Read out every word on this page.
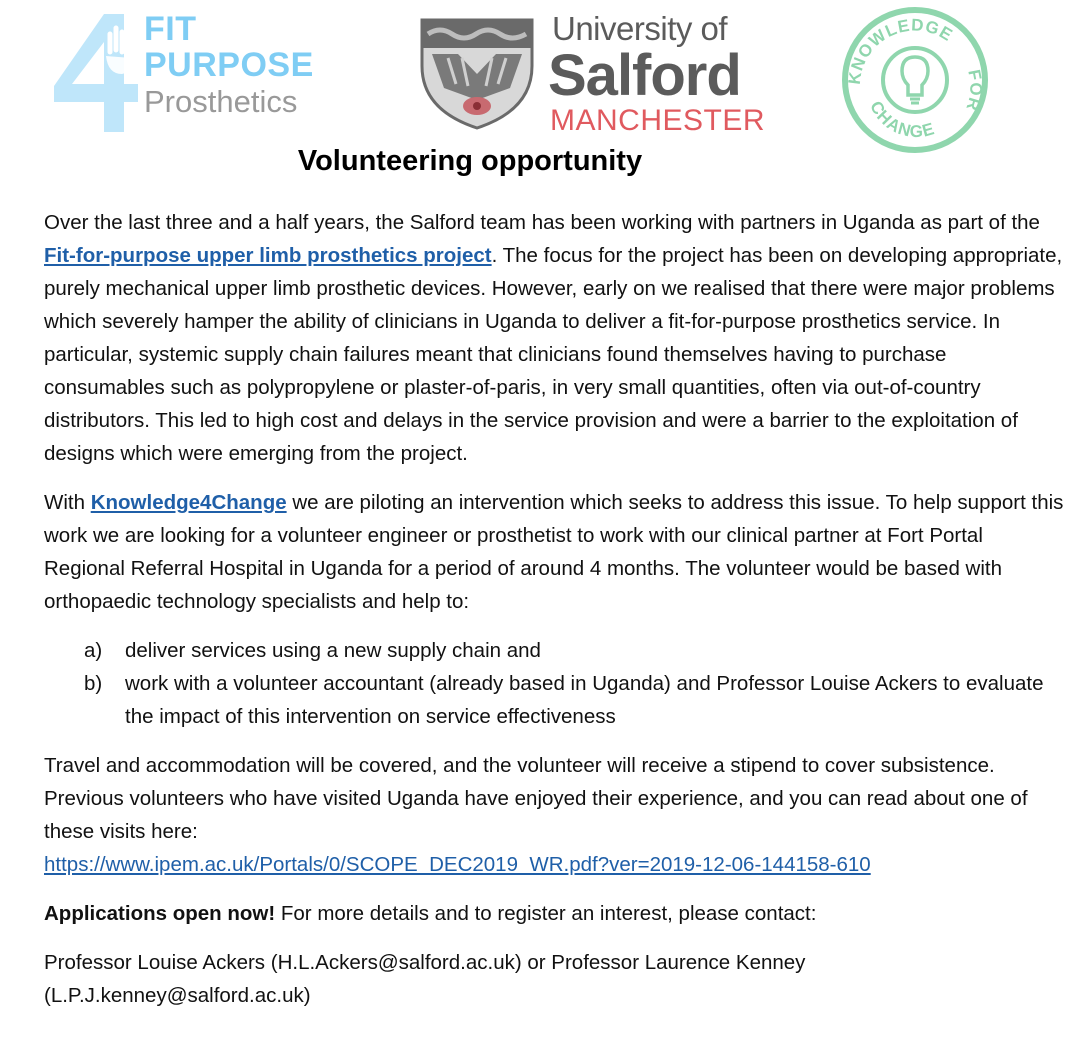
FIT
PURPOSE
Prosthetics
University of
Salford
MANCHESTER
KNOWLEDGE
FOR
CHANGE
Volunteering opportunity

Over the last three and a half years, the Salford team has been working with partners in Uganda as part of the Fit-for-purpose upper limb prosthetics project. The focus for the project has been on developing appropriate, purely mechanical upper limb prosthetic devices. However, early on we realised that there were major problems which severely hamper the ability of clinicians in Uganda to deliver a fit-for-purpose prosthetics service. In particular, systemic supply chain failures meant that clinicians found themselves having to purchase consumables such as polypropylene or plaster-of-paris, in very small quantities, often via out-of-country distributors. This led to high cost and delays in the service provision and were a barrier to the exploitation of designs which were emerging from the project.

With Knowledge4Change we are piloting an intervention which seeks to address this issue. To help support this work we are looking for a volunteer engineer or prosthetist to work with our clinical partner at Fort Portal Regional Referral Hospital in Uganda for a period of around 4 months. The volunteer would be based with orthopaedic technology specialists and help to:

a) deliver services using a new supply chain and
b) work with a volunteer accountant (already based in Uganda) and Professor Louise Ackers to evaluate the impact of this intervention on service effectiveness

Travel and accommodation will be covered, and the volunteer will receive a stipend to cover subsistence. Previous volunteers who have visited Uganda have enjoyed their experience, and you can read about one of these visits here:
https://www.ipem.ac.uk/Portals/0/SCOPE_DEC2019_WR.pdf?ver=2019-12-06-144158-610

Applications open now! For more details and to register an interest, please contact:

Professor Louise Ackers (H.L.Ackers@salford.ac.uk) or Professor Laurence Kenney (L.P.J.kenney@salford.ac.uk)
